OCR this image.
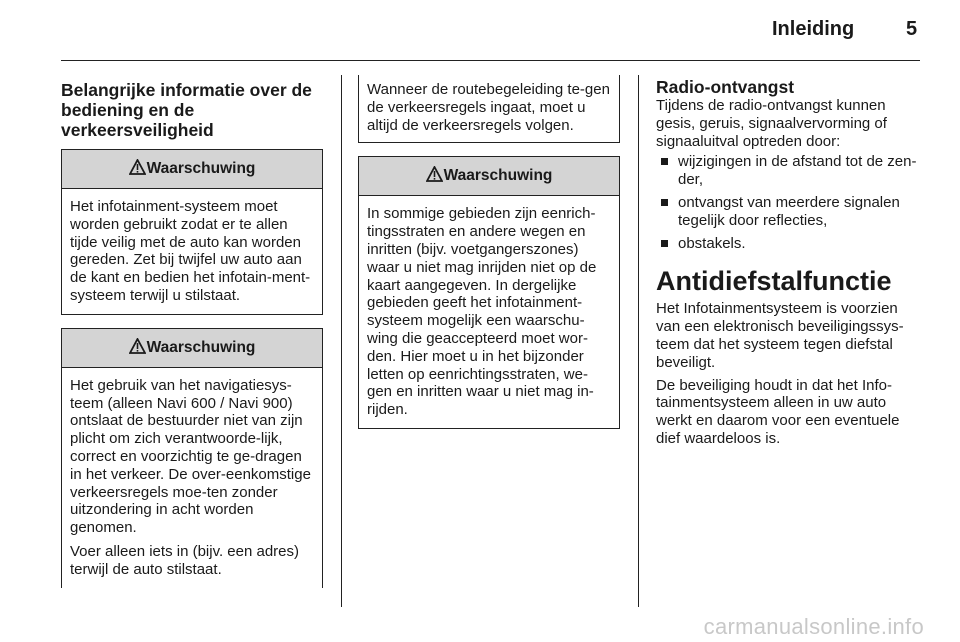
Inleiding	5
Belangrijke informatie over de bediening en de verkeersveiligheid
Waarschuwing

Het infotainment-systeem moet worden gebruikt zodat er te allen tijde veilig met de auto kan worden gereden. Zet bij twijfel uw auto aan de kant en bedien het infotain-ment-systeem terwijl u stilstaat.

Waarschuwing

Het gebruik van het navigatiesys-teem (alleen Navi 600 / Navi 900) ontslaat de bestuurder niet van zijn plicht om zich verantwoorde-lijk, correct en voorzichtig te ge-dragen in het verkeer. De over-eenkomstige verkeersregels moe-ten zonder uitzondering in acht worden genomen.

Voer alleen iets in (bijv. een adres) terwijl de auto stilstaat.

Wanneer de routebegeleiding te-gen de verkeersregels ingaat, moet u altijd de verkeersregels volgen.

Waarschuwing

In sommige gebieden zijn eenrich-tingsstraten en andere wegen en inritten (bijv. voetgangerszones) waar u niet mag inrijden niet op de kaart aangegeven. In dergelijke gebieden geeft het infotainment-systeem mogelijk een waarschu-wing die geaccepteerd moet wor-den. Hier moet u in het bijzonder letten op eenrichtingsstraten, we-gen en inritten waar u niet mag in-rijden.

Radio-ontvangst

Tijdens de radio-ontvangst kunnen gesis, geruis, signaalvervorming of signaaluitval optreden door:

wijzigingen in de afstand tot de zen-der,
ontvangst van meerdere signalen tegelijk door reflecties,
obstakels.
Antidiefstalfunctie

Het Infotainmentsysteem is voorzien van een elektronisch beveiligingssys-teem dat het systeem tegen diefstal beveiligt.

De beveiliging houdt in dat het Info-tainmentsysteem alleen in uw auto werkt en daarom voor een eventuele dief waardeloos is.

carmanualsonline.info
